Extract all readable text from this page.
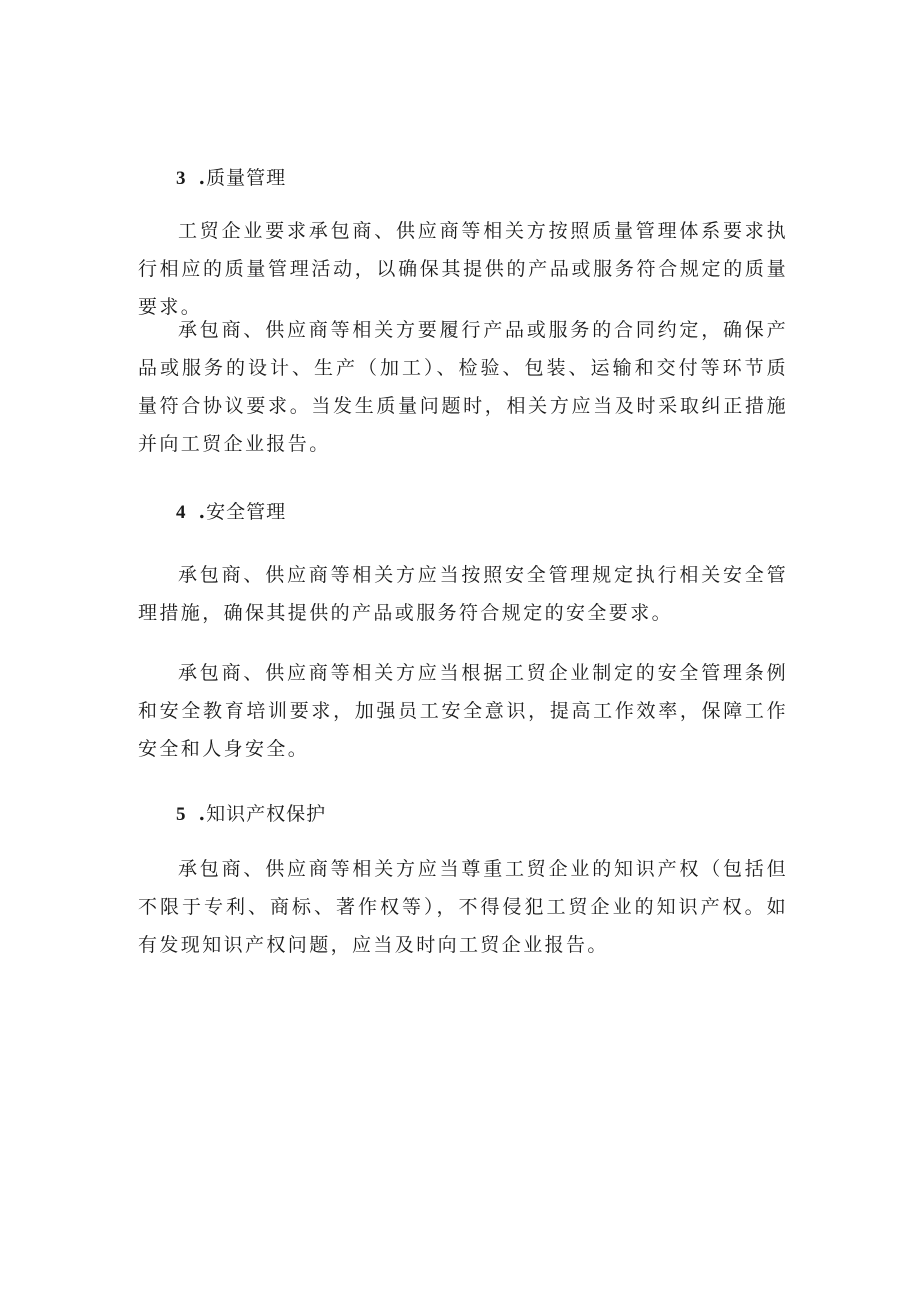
3 .质量管理

工贸企业要求承包商、供应商等相关方按照质量管理体系要求执行相应的质量管理活动，以确保其提供的产品或服务符合规定的质量要求。

承包商、供应商等相关方要履行产品或服务的合同约定，确保产品或服务的设计、生产（加工）、检验、包装、运输和交付等环节质量符合协议要求。当发生质量问题时，相关方应当及时采取纠正措施并向工贸企业报告。

4 .安全管理

承包商、供应商等相关方应当按照安全管理规定执行相关安全管理措施，确保其提供的产品或服务符合规定的安全要求。

承包商、供应商等相关方应当根据工贸企业制定的安全管理条例和安全教育培训要求，加强员工安全意识，提高工作效率，保障工作安全和人身安全。

5 .知识产权保护

承包商、供应商等相关方应当尊重工贸企业的知识产权（包括但不限于专利、商标、著作权等），不得侵犯工贸企业的知识产权。如有发现知识产权问题，应当及时向工贸企业报告。
